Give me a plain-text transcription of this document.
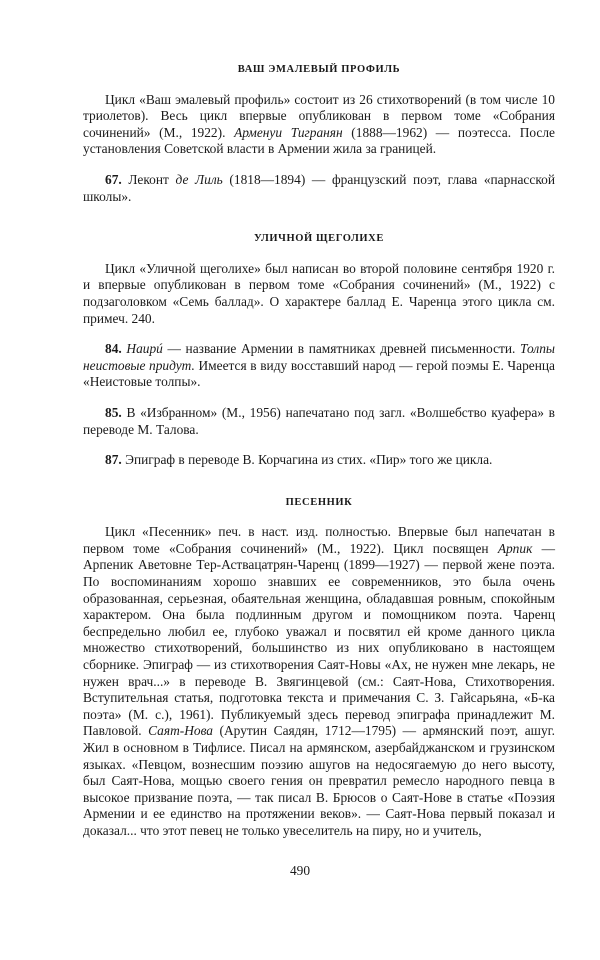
ВАШ ЭМАЛЕВЫЙ ПРОФИЛЬ

Цикл «Ваш эмалевый профиль» состоит из 26 стихотворений (в том числе 10 триолетов). Весь цикл впервые опубликован в первом томе «Собрания сочинений» (М., 1922). Арменуи Тигранян (1888—1962) — поэтесса. После установления Советской власти в Армении жила за границей.

67. Леконт де Лиль (1818—1894) — французский поэт, глава «парнасской школы».

УЛИЧНОЙ ЩЕГОЛИХЕ

Цикл «Уличной щеголихе» был написан во второй половине сентября 1920 г. и впервые опубликован в первом томе «Собрания сочинений» (М., 1922) с подзаголовком «Семь баллад». О характере баллад Е. Чаренца этого цикла см. примеч. 240.

84. Наирú — название Армении в памятниках древней письменности. Толпы неистовые придут. Имеется в виду восставший народ — герой поэмы Е. Чаренца «Неистовые толпы».

85. В «Избранном» (М., 1956) напечатано под загл. «Волшебство куафера» в переводе М. Талова.

87. Эпиграф в переводе В. Корчагина из стих. «Пир» того же цикла.

ПЕСЕННИК

Цикл «Песенник» печ. в наст. изд. полностью. Впервые был напечатан в первом томе «Собрания сочинений» (М., 1922). Цикл посвящен Арпик — Арпеник Аветовне Тер-Аствацатрян-Чаренц (1899—1927) — первой жене поэта. По воспоминаниям хорошо знавших ее современников, это была очень образованная, серьезная, обаятельная женщина, обладавшая ровным, спокойным характером. Она была подлинным другом и помощником поэта. Чаренц беспредельно любил ее, глубоко уважал и посвятил ей кроме данного цикла множество стихотворений, большинство из них опубликовано в настоящем сборнике. Эпиграф — из стихотворения Саят-Новы «Ах, не нужен мне лекарь, не нужен врач...» в переводе В. Звягинцевой (см.: Саят-Нова, Стихотворения. Вступительная статья, подготовка текста и примечания С. З. Гайсарьяна, «Б-ка поэта» (М. с.), 1961). Публикуемый здесь перевод эпиграфа принадлежит М. Павловой. Саят-Нова (Арутин Саядян, 1712—1795) — армянский поэт, ашуг. Жил в основном в Тифлисе. Писал на армянском, азербайджанском и грузинском языках. «Певцом, вознесшим поэзию ашугов на недосягаемую до него высоту, был Саят-Нова, мощью своего гения он превратил ремесло народного певца в высокое призвание поэта, — так писал В. Брюсов о Саят-Нове в статье «Поэзия Армении и ее единство на протяжении веков». — Саят-Нова первый показал и доказал... что этот певец не только увеселитель на пиру, но и учитель,

490
